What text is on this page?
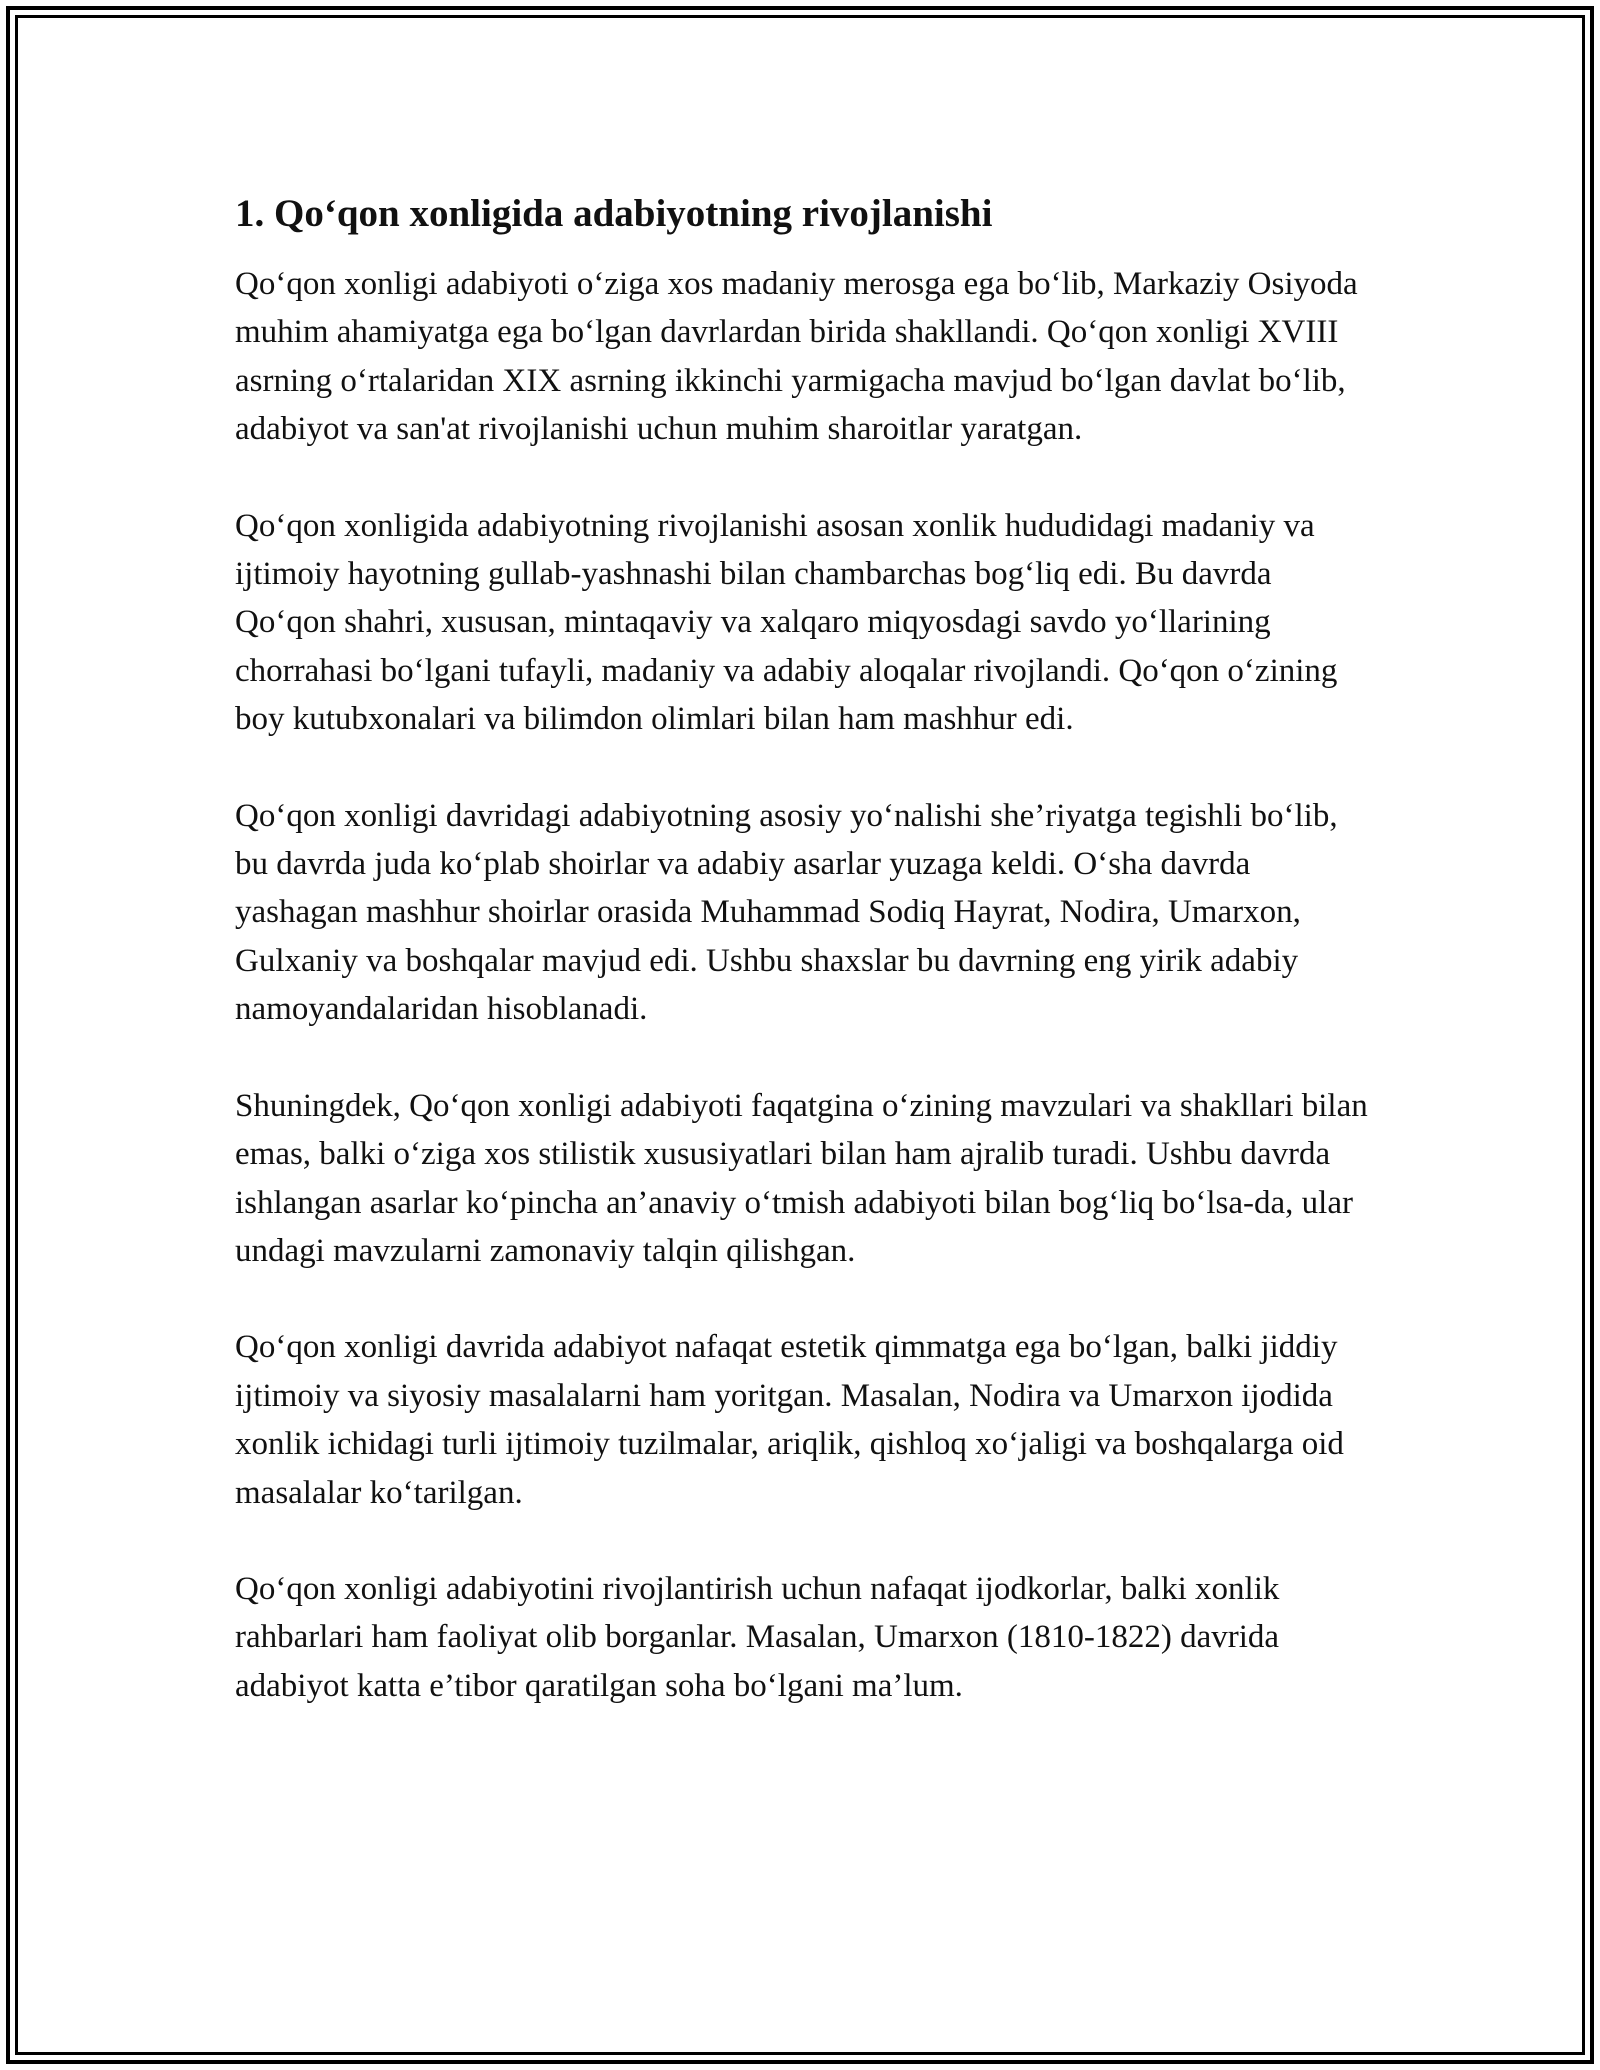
1. Qo‘qon xonligida adabiyotning rivojlanishi

Qo‘qon xonligi adabiyoti o‘ziga xos madaniy merosga ega bo‘lib, Markaziy Osiyoda muhim ahamiyatga ega bo‘lgan davrlardan birida shakllandi. Qo‘qon xonligi XVIII asrning o‘rtalaridan XIX asrning ikkinchi yarmigacha mavjud bo‘lgan davlat bo‘lib, adabiyot va san'at rivojlanishi uchun muhim sharoitlar yaratgan.

Qo‘qon xonligida adabiyotning rivojlanishi asosan xonlik hududidagi madaniy va ijtimoiy hayotning gullab-yashnashi bilan chambarchas bog‘liq edi. Bu davrda Qo‘qon shahri, xususan, mintaqaviy va xalqaro miqyosdagi savdo yo‘llarining chorrahasi bo‘lgani tufayli, madaniy va adabiy aloqalar rivojlandi. Qo‘qon o‘zining boy kutubxonalari va bilimdon olimlari bilan ham mashhur edi.

Qo‘qon xonligi davridagi adabiyotning asosiy yo‘nalishi she’riyatga tegishli bo‘lib, bu davrda juda ko‘plab shoirlar va adabiy asarlar yuzaga keldi. O‘sha davrda yashagan mashhur shoirlar orasida Muhammad Sodiq Hayrat, Nodira, Umarxon, Gulxaniy va boshqalar mavjud edi. Ushbu shaxslar bu davrning eng yirik adabiy namoyandalaridan hisoblanadi.

Shuningdek, Qo‘qon xonligi adabiyoti faqatgina o‘zining mavzulari va shakllari bilan emas, balki o‘ziga xos stilistik xususiyatlari bilan ham ajralib turadi. Ushbu davrda ishlangan asarlar ko‘pincha an’anaviy o‘tmish adabiyoti bilan bog‘liq bo‘lsa-da, ular undagi mavzularni zamonaviy talqin qilishgan.

Qo‘qon xonligi davrida adabiyot nafaqat estetik qimmatga ega bo‘lgan, balki jiddiy ijtimoiy va siyosiy masalalarni ham yoritgan. Masalan, Nodira va Umarxon ijodida xonlik ichidagi turli ijtimoiy tuzilmalar, ariqlik, qishloq xo‘jaligi va boshqalarga oid masalalar ko‘tarilgan.

Qo‘qon xonligi adabiyotini rivojlantirish uchun nafaqat ijodkorlar, balki xonlik rahbarlari ham faoliyat olib borganlar. Masalan, Umarxon (1810-1822) davrida adabiyot katta e’tibor qaratilgan soha bo‘lgani ma’lum.
